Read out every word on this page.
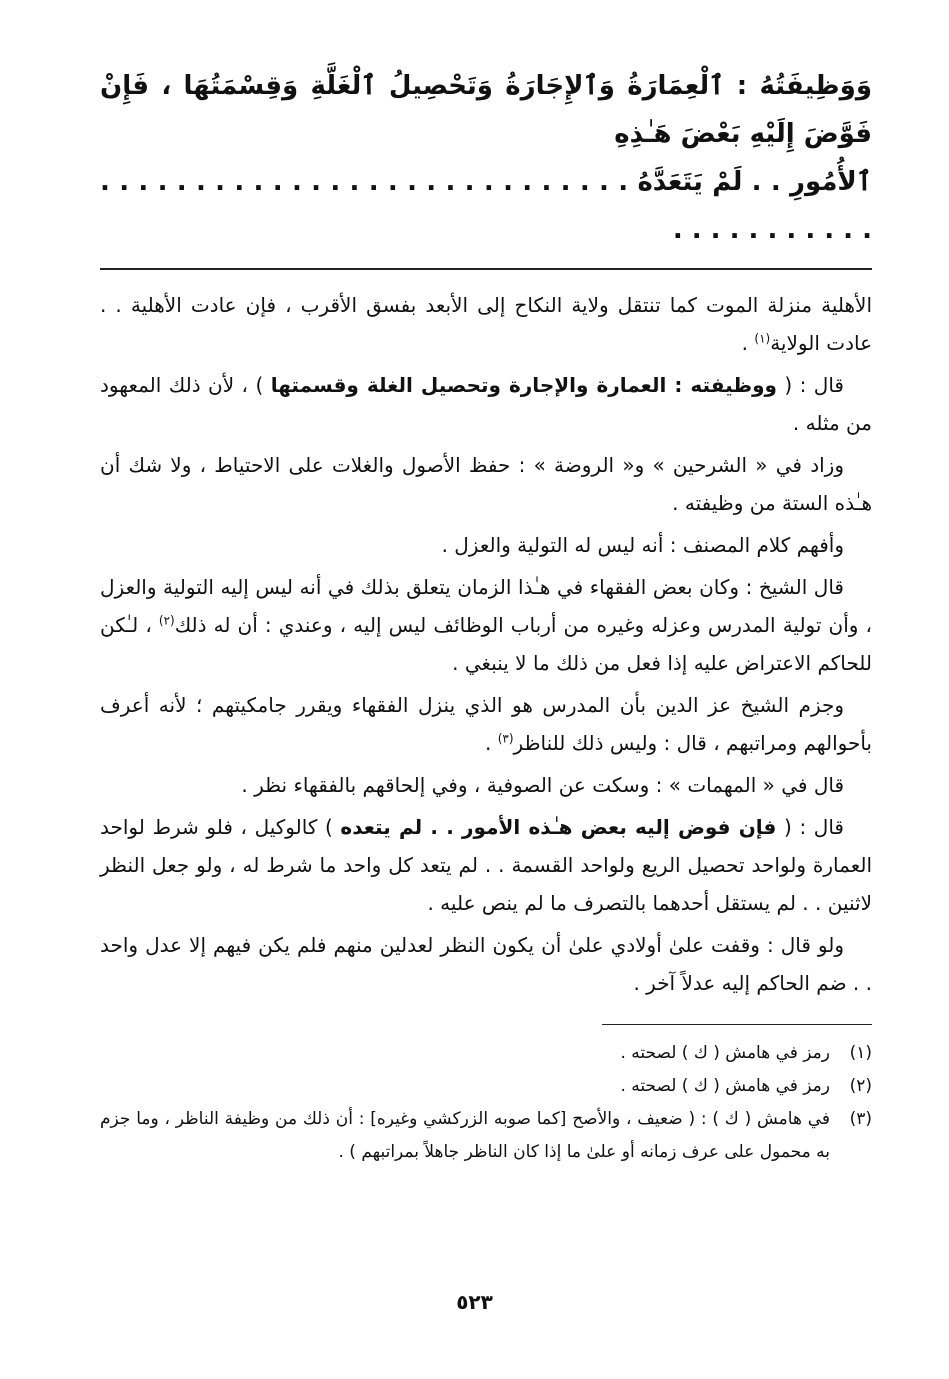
وَوَظِيفَتُهُ : ٱلْعِمَارَةُ وَٱلإِجَارَةُ وَتَحْصِيلُ ٱلْغَلَّةِ وَقِسْمَتُهَا ، فَإِنْ فَوَّضَ إِلَيْهِ بَعْضَ هَـٰذِهِ

ٱلأُمُورِ . . لَمْ يَتَعَدَّهُ . . . . . . . . . . . . . . . . . . . . . . . . . . . . . . . . . . . . . . .

الأهلية منزلة الموت كما تنتقل ولاية النكاح إلى الأبعد بفسق الأقرب ، فإن عادت الأهلية . . عادت الولاية$^{(١)}$ .

قال : ( ووظيفته : العمارة والإجارة وتحصيل الغلة وقسمتها ) ، لأن ذلك المعهود من مثله .

وزاد في « الشرحين » و« الروضة » : حفظ الأصول والغلات على الاحتياط ، ولا شك أن هـٰذه الستة من وظيفته .

وأفهم كلام المصنف : أنه ليس له التولية والعزل .

قال الشيخ : وكان بعض الفقهاء في هـٰذا الزمان يتعلق بذلك في أنه ليس إليه التولية والعزل ، وأن تولية المدرس وعزله وغيره من أرباب الوظائف ليس إليه ، وعندي : أن له ذلك$^{(٢)}$ ، لـٰكن للحاكم الاعتراض عليه إذا فعل من ذلك ما لا ينبغي .

وجزم الشيخ عز الدين بأن المدرس هو الذي ينزل الفقهاء ويقرر جامكيتهم ؛ لأنه أعرف بأحوالهم ومراتبهم ، قال : وليس ذلك للناظر$^{(٣)}$ .

قال في « المهمات » : وسكت عن الصوفية ، وفي إلحاقهم بالفقهاء نظر .

قال : ( فإن فوض إليه بعض هـٰذه الأمور . . لم يتعده ) كالوكيل ، فلو شرط لواحد العمارة ولواحد تحصيل الريع ولواحد القسمة . . لم يتعد كل واحد ما شرط له ، ولو جعل النظر لاثنين . . لم يستقل أحدهما بالتصرف ما لم ينص عليه .

ولو قال : وقفت علىٰ أولادي علىٰ أن يكون النظر لعدلين منهم فلم يكن فيهم إلا عدل واحد . . ضم الحاكم إليه عدلاً آخر .

(١)
رمز في هامش ( ك ) لصحته .
(٢)
رمز في هامش ( ك ) لصحته .
(٣)
في هامش ( ك ) : ( ضعيف ، والأصح [كما صوبه الزركشي وغيره] : أن ذلك من وظيفة الناظر ، وما جزم به محمول على عرف زمانه أو علىٰ ما إذا كان الناظر جاهلاً بمراتبهم ) .
٥٢٣
